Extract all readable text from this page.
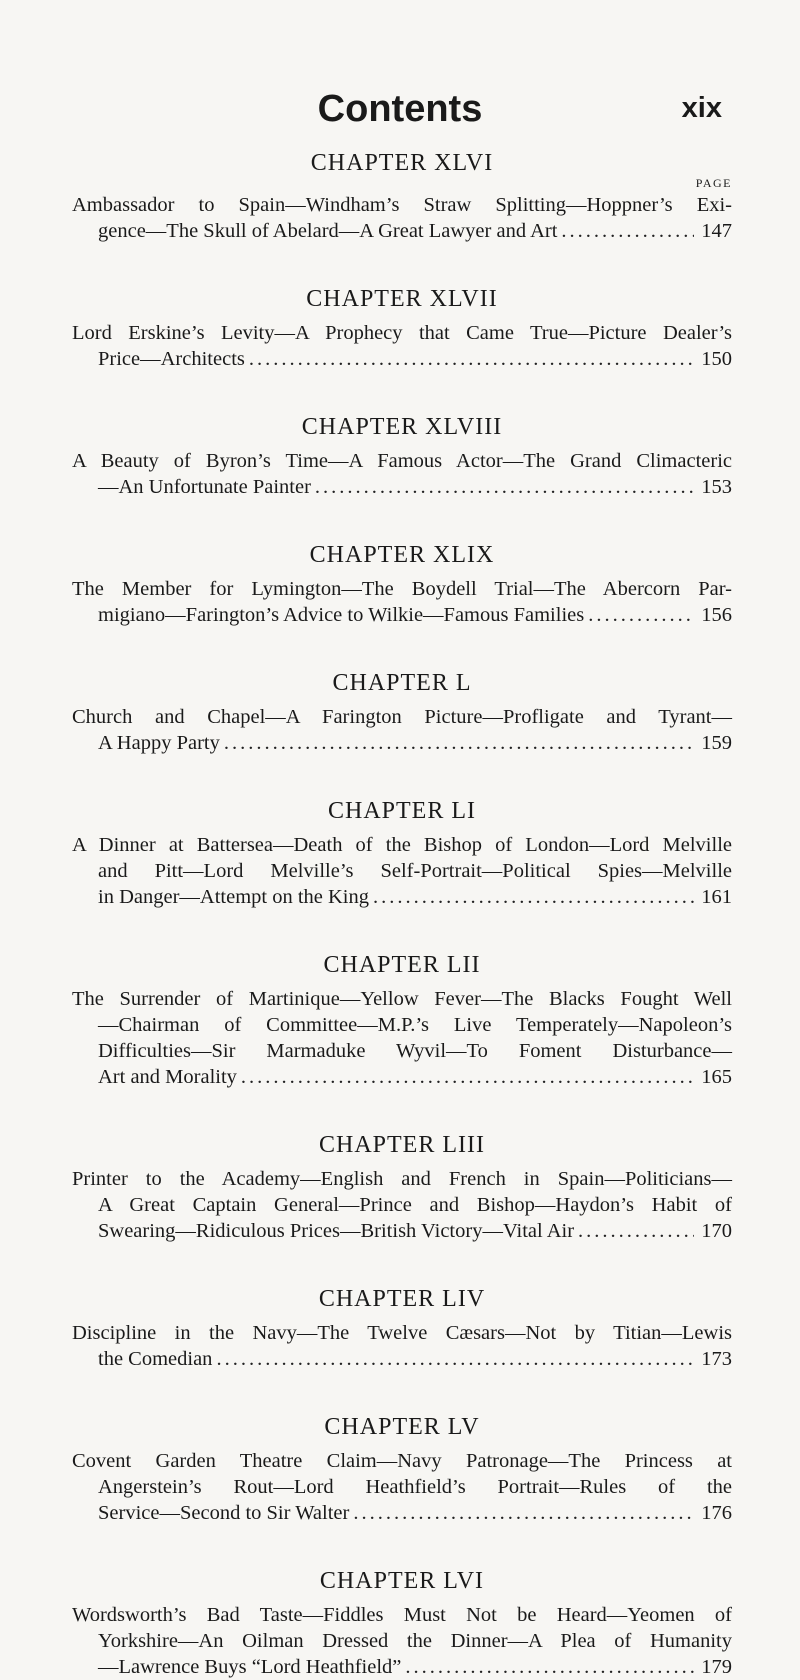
Contents	xix
CHAPTER XLVI
PAGE
Ambassador to Spain—Windham’s Straw Splitting—Hoppner’s Exi-
gence—The Skull of Abelard—A Great Lawyer and Art .....	147
CHAPTER XLVII
Lord Erskine’s Levity—A Prophecy that Came True—Picture Dealer’s
Price—Architects .....	150
CHAPTER XLVIII
A Beauty of Byron’s Time—A Famous Actor—The Grand Climacteric
—An Unfortunate Painter .....	153
CHAPTER XLIX
The Member for Lymington—The Boydell Trial—The Abercorn Par-
migiano—Farington’s Advice to Wilkie—Famous Families .....	156
CHAPTER L
Church and Chapel—A Farington Picture—Profligate and Tyrant—
A Happy Party .....	159
CHAPTER LI
A Dinner at Battersea—Death of the Bishop of London—Lord Melville
and Pitt—Lord Melville’s Self-Portrait—Political Spies—Melville
in Danger—Attempt on the King .....	161
CHAPTER LII
The Surrender of Martinique—Yellow Fever—The Blacks Fought Well
—Chairman of Committee—M.P.’s Live Temperately—Napoleon’s
Difficulties—Sir Marmaduke Wyvil—To Foment Disturbance—
Art and Morality .....	165
CHAPTER LIII
Printer to the Academy—English and French in Spain—Politicians—
A Great Captain General—Prince and Bishop—Haydon’s Habit of
Swearing—Ridiculous Prices—British Victory—Vital Air .....	170
CHAPTER LIV
Discipline in the Navy—The Twelve Cæsars—Not by Titian—Lewis
the Comedian .....	173
CHAPTER LV
Covent Garden Theatre Claim—Navy Patronage—The Princess at
Angerstein’s Rout—Lord Heathfield’s Portrait—Rules of the
Service—Second to Sir Walter .....	176
CHAPTER LVI
Wordsworth’s Bad Taste—Fiddles Must Not be Heard—Yeomen of
Yorkshire—An Oilman Dressed the Dinner—A Plea of Humanity
—Lawrence Buys “Lord Heathfield” .....	179
